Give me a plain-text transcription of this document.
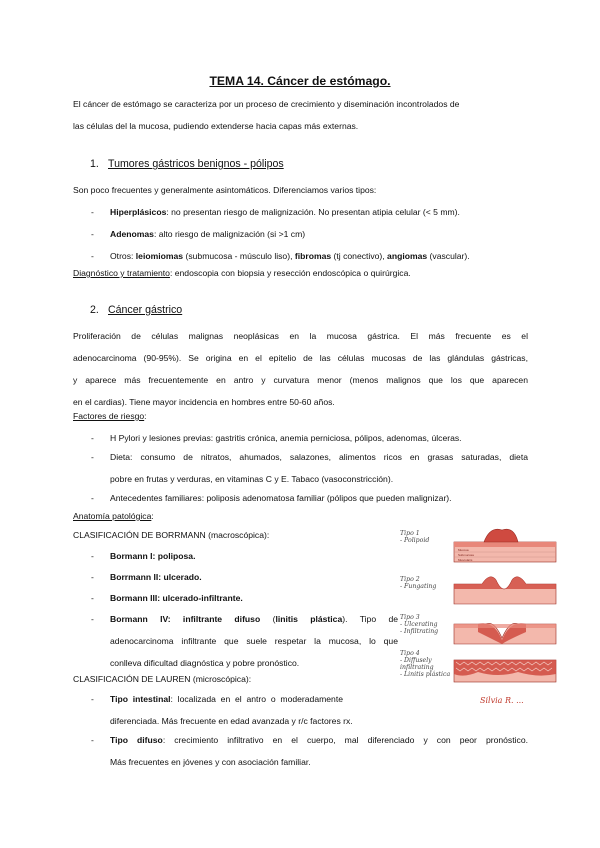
TEMA 14. Cáncer de estómago.
El cáncer de estómago se caracteriza por un proceso de crecimiento y diseminación incontrolados de
las células del la mucosa, pudiendo extenderse hacia capas más externas.
1. Tumores gástricos benignos - pólipos
Son poco frecuentes y generalmente asintomáticos. Diferenciamos varios tipos:
- Hiperplásicos: no presentan riesgo de malignización. No presentan atipia celular (< 5 mm).
- Adenomas: alto riesgo de malignización (si >1 cm)
- Otros: leiomiomas (submucosa - músculo liso), fibromas (tj conectivo), angiomas (vascular).
Diagnóstico y tratamiento: endoscopia con biopsia y resección endoscópica o quirúrgica.
2. Cáncer gástrico
Proliferación de células malignas neoplásicas en la mucosa gástrica. El más frecuente es el
adenocarcinoma (90-95%). Se origina en el epitelio de las células mucosas de las glándulas gástricas,
y aparece más frecuentemente en antro y curvatura menor (menos malignos que los que aparecen
en el cardias). Tiene mayor incidencia en hombres entre 50-60 años.
Factores de riesgo:
- H Pylori y lesiones previas: gastritis crónica, anemia perniciosa, pólipos, adenomas, úlceras.
- Dieta: consumo de nitratos, ahumados, salazones, alimentos ricos en grasas saturadas, dieta
pobre en frutas y verduras, en vitaminas C y E. Tabaco (vasoconstricción).
- Antecedentes familiares: poliposis adenomatosa familiar (pólipos que pueden malignizar).
Anatomía patológica:
CLASIFICACIÓN DE BORRMANN (macroscópica):
- Bormann I: poliposa.
- Borrmann II: ulcerado.
- Bormann III: ulcerado-infiltrante.
- Bormann IV: infiltrante difuso (linitis plástica). Tipo de
adenocarcinoma infiltrante que suele respetar la mucosa, lo que
conlleva dificultad diagnóstica y pobre pronóstico.
CLASIFICACIÓN DE LAUREN (microscópica):
- Tipo intestinal: localizada en el antro o moderadamente
diferenciada. Más frecuente en edad avanzada y r/c factores rx.
- Tipo difuso: crecimiento infiltrativo en el cuerpo, mal diferenciado y con peor pronóstico.
Más frecuentes en jóvenes y con asociación familiar.
Tipo 1
- Polipoid
Tipo 2
- Fungating
Tipo 3
- Ulcerating
- Infiltrating
Tipo 4
- Diffusely
infiltrating
- Linitis plástica
Mucosa
Submucosa
Muscularis
Silvia R. ...
